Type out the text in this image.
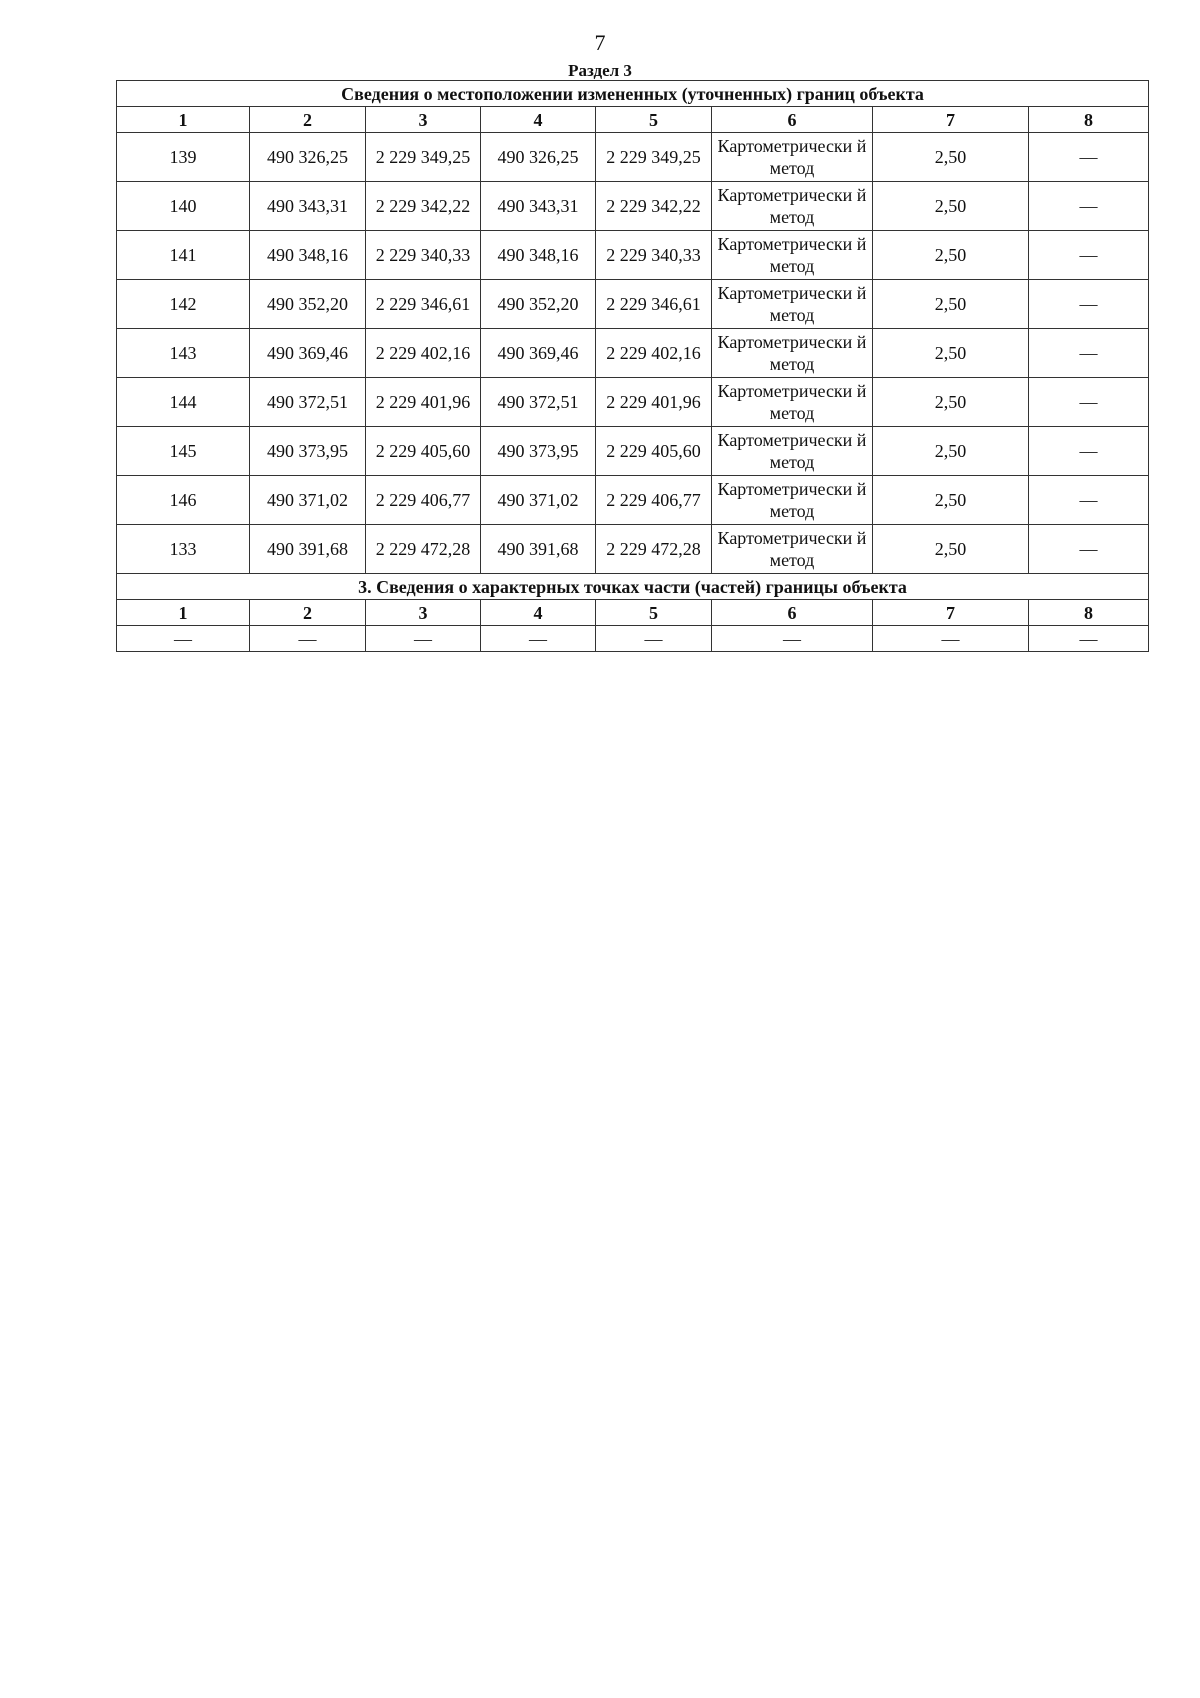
7
Раздел 3
Сведения о местоположении измененных (уточненных) границ объекта							
1	2	3	4	5	6	7	8
139	490 326,25	2 229 349,25	490 326,25	2 229 349,25	Картометрически й метод	2,50	—
140	490 343,31	2 229 342,22	490 343,31	2 229 342,22	Картометрически й метод	2,50	—
141	490 348,16	2 229 340,33	490 348,16	2 229 340,33	Картометрически й метод	2,50	—
142	490 352,20	2 229 346,61	490 352,20	2 229 346,61	Картометрически й метод	2,50	—
143	490 369,46	2 229 402,16	490 369,46	2 229 402,16	Картометрически й метод	2,50	—
144	490 372,51	2 229 401,96	490 372,51	2 229 401,96	Картометрически й метод	2,50	—
145	490 373,95	2 229 405,60	490 373,95	2 229 405,60	Картометрически й метод	2,50	—
146	490 371,02	2 229 406,77	490 371,02	2 229 406,77	Картометрически й метод	2,50	—
133	490 391,68	2 229 472,28	490 391,68	2 229 472,28	Картометрически й метод	2,50	—
3. Сведения о характерных точках части (частей) границы объекта							
1	2	3	4	5	6	7	8
—	—	—	—	—	—	—	—
